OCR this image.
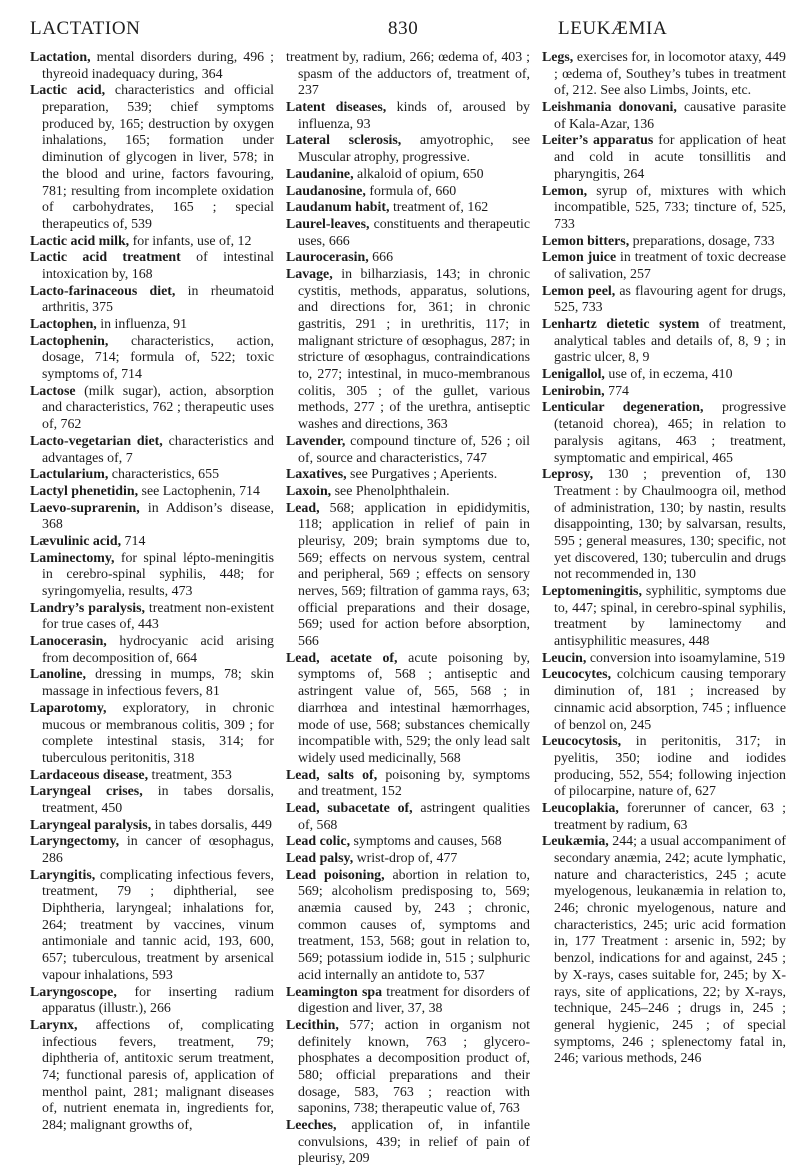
LACTATION	830	LEUKÆMIA

Lactation, mental disorders during, 496 ; thyreoid inadequacy during, 364

Lactic acid, characteristics and official preparation, 539; chief symptoms produced by, 165; destruction by oxygen inhalations, 165; formation under diminution of glycogen in liver, 578; in the blood and urine, factors favouring, 781; resulting from incomplete oxidation of carbohydrates, 165 ; special therapeutics of, 539

Lactic acid milk, for infants, use of, 12

Lactic acid treatment of intestinal intoxication by, 168

Lacto-farinaceous diet, in rheumatoid arthritis, 375

Lactophen, in influenza, 91

Lactophenin, characteristics, action, dosage, 714; formula of, 522; toxic symptoms of, 714

Lactose (milk sugar), action, absorption and characteristics, 762 ; therapeutic uses of, 762

Lacto-vegetarian diet, characteristics and advantages of, 7

Lactularium, characteristics, 655

Lactyl phenetidin, see Lactophenin, 714

Laevo-suprarenin, in Addison’s disease, 368

Lævulinic acid, 714

Laminectomy, for spinal lépto-meningitis in cerebro-spinal syphilis, 448; for syringomyelia, results, 473

Landry’s paralysis, treatment non-existent for true cases of, 443

Lanocerasin, hydrocyanic acid arising from decomposition of, 664

Lanoline, dressing in mumps, 78; skin massage in infectious fevers, 81

Laparotomy, exploratory, in chronic mucous or membranous colitis, 309 ; for complete intestinal stasis, 314; for tuberculous peritonitis, 318

Lardaceous disease, treatment, 353

Laryngeal crises, in tabes dorsalis, treatment, 450

Laryngeal paralysis, in tabes dorsalis, 449

Laryngectomy, in cancer of œsophagus, 286

Laryngitis, complicating infectious fevers, treatment, 79 ; diphtherial, see Diphtheria, laryngeal; inhalations for, 264; treatment by vaccines, vinum antimoniale and tannic acid, 193, 600, 657; tuberculous, treatment by arsenical vapour inhalations, 593

Laryngoscope, for inserting radium apparatus (illustr.), 266

Larynx, affections of, complicating infectious fevers, treatment, 79; diphtheria of, antitoxic serum treatment, 74; functional paresis of, application of menthol paint, 281; malignant diseases of, nutrient enemata in, ingredients for, 284; malignant growths of,

treatment by, radium, 266; œdema of, 403 ; spasm of the adductors of, treatment of, 237

Latent diseases, kinds of, aroused by influenza, 93

Lateral sclerosis, amyotrophic, see Muscular atrophy, progressive.

Laudanine, alkaloid of opium, 650

Laudanosine, formula of, 660

Laudanum habit, treatment of, 162

Laurel-leaves, constituents and therapeutic uses, 666

Laurocerasin, 666

Lavage, in bilharziasis, 143; in chronic cystitis, methods, apparatus, solutions, and directions for, 361; in chronic gastritis, 291 ; in urethritis, 117; in malignant stricture of œsophagus, 287; in stricture of œsophagus, contraindications to, 277; intestinal, in muco-membranous colitis, 305 ; of the gullet, various methods, 277 ; of the urethra, antiseptic washes and directions, 363

Lavender, compound tincture of, 526 ; oil of, source and characteristics, 747

Laxatives, see Purgatives ; Aperients.

Laxoin, see Phenolphthalein.

Lead, 568; application in epididymitis, 118; application in relief of pain in pleurisy, 209; brain symptoms due to, 569; effects on nervous system, central and peripheral, 569 ; effects on sensory nerves, 569; filtration of gamma rays, 63; official preparations and their dosage, 569; used for action before absorption, 566

Lead, acetate of, acute poisoning by, symptoms of, 568 ; antiseptic and astringent value of, 565, 568 ; in diarrhœa and intestinal hæmorrhages, mode of use, 568; substances chemically incompatible with, 529; the only lead salt widely used medicinally, 568

Lead, salts of, poisoning by, symptoms and treatment, 152

Lead, subacetate of, astringent qualities of, 568

Lead colic, symptoms and causes, 568

Lead palsy, wrist-drop of, 477

Lead poisoning, abortion in relation to, 569; alcoholism predisposing to, 569; anæmia caused by, 243 ; chronic, common causes of, symptoms and treatment, 153, 568; gout in relation to, 569; potassium iodide in, 515 ; sulphuric acid internally an antidote to, 537

Leamington spa treatment for disorders of digestion and liver, 37, 38

Lecithin, 577; action in organism not definitely known, 763 ; glycero-phosphates a decomposition product of, 580; official preparations and their dosage, 583, 763 ; reaction with saponins, 738; therapeutic value of, 763

Leeches, application of, in infantile convulsions, 439; in relief of pain of pleurisy, 209

Legs, exercises for, in locomotor ataxy, 449 ; œdema of, Southey’s tubes in treatment of, 212. See also Limbs, Joints, etc.

Leishmania donovani, causative parasite of Kala-Azar, 136

Leiter’s apparatus for application of heat and cold in acute tonsillitis and pharyngitis, 264

Lemon, syrup of, mixtures with which incompatible, 525, 733; tincture of, 525, 733

Lemon bitters, preparations, dosage, 733

Lemon juice in treatment of toxic decrease of salivation, 257

Lemon peel, as flavouring agent for drugs, 525, 733

Lenhartz dietetic system of treatment, analytical tables and details of, 8, 9 ; in gastric ulcer, 8, 9

Lenigallol, use of, in eczema, 410

Lenirobin, 774

Lenticular degeneration, progressive (tetanoid chorea), 465; in relation to paralysis agitans, 463 ; treatment, symptomatic and empirical, 465

Leprosy, 130 ; prevention of, 130 Treatment : by Chaulmoogra oil, method of administration, 130; by nastin, results disappointing, 130; by salvarsan, results, 595 ; general measures, 130; specific, not yet discovered, 130; tuberculin and drugs not recommended in, 130

Leptomeningitis, syphilitic, symptoms due to, 447; spinal, in cerebro-spinal syphilis, treatment by laminectomy and antisyphilitic measures, 448

Leucin, conversion into isoamylamine, 519

Leucocytes, colchicum causing temporary diminution of, 181 ; increased by cinnamic acid absorption, 745 ; influence of benzol on, 245

Leucocytosis, in peritonitis, 317; in pyelitis, 350; iodine and iodides producing, 552, 554; following injection of pilocarpine, nature of, 627

Leucoplakia, forerunner of cancer, 63 ; treatment by radium, 63

Leukæmia, 244; a usual accompaniment of secondary anæmia, 242; acute lymphatic, nature and characteristics, 245 ; acute myelogenous, leukanæmia in relation to, 246; chronic myelogenous, nature and characteristics, 245; uric acid formation in, 177 Treatment : arsenic in, 592; by benzol, indications for and against, 245 ; by X-rays, cases suitable for, 245; by X-rays, site of applications, 22; by X-rays, technique, 245–246 ; drugs in, 245 ; general hygienic, 245 ; of special symptoms, 246 ; splenectomy fatal in, 246; various methods, 246
